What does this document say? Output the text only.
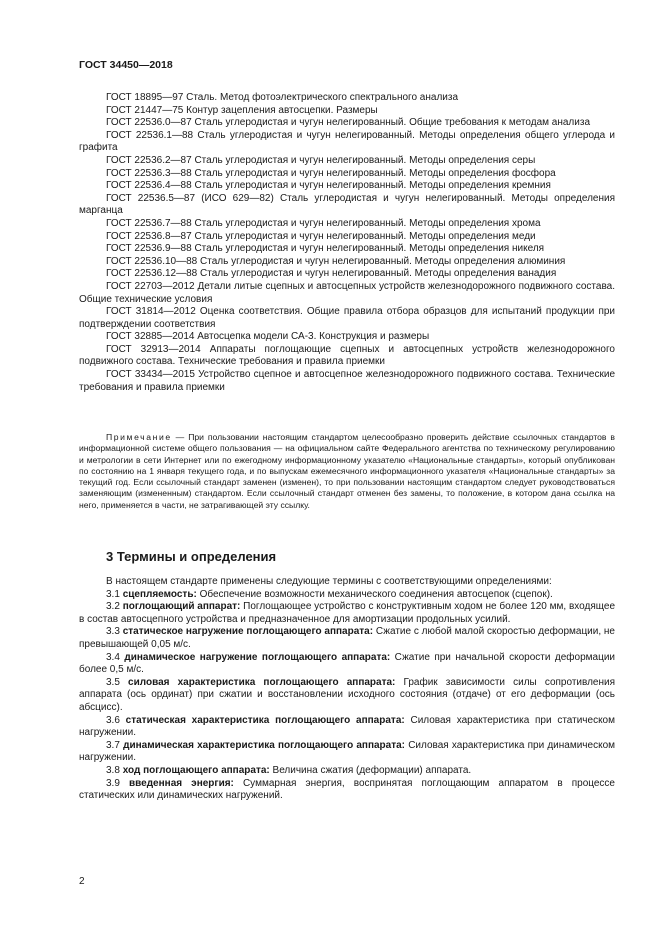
ГОСТ 34450—2018

ГОСТ 18895—97 Сталь. Метод фотоэлектрического спектрального анализа

ГОСТ 21447—75 Контур зацепления автосцепки. Размеры

ГОСТ 22536.0—87 Сталь углеродистая и чугун нелегированный. Общие требования к методам анализа

ГОСТ 22536.1—88 Сталь углеродистая и чугун нелегированный. Методы определения общего углерода и графита

ГОСТ 22536.2—87 Сталь углеродистая и чугун нелегированный. Методы определения серы

ГОСТ 22536.3—88 Сталь углеродистая и чугун нелегированный. Методы определения фосфора

ГОСТ 22536.4—88 Сталь углеродистая и чугун нелегированный. Методы определения кремния

ГОСТ 22536.5—87 (ИСО 629—82) Сталь углеродистая и чугун нелегированный. Методы определения марганца

ГОСТ 22536.7—88 Сталь углеродистая и чугун нелегированный. Методы определения хрома

ГОСТ 22536.8—87 Сталь углеродистая и чугун нелегированный. Методы определения меди

ГОСТ 22536.9—88 Сталь углеродистая и чугун нелегированный. Методы определения никеля

ГОСТ 22536.10—88 Сталь углеродистая и чугун нелегированный. Методы определения алюминия

ГОСТ 22536.12—88 Сталь углеродистая и чугун нелегированный. Методы определения ванадия

ГОСТ 22703—2012 Детали литые сцепных и автосцепных устройств железнодорожного подвижного состава. Общие технические условия

ГОСТ 31814—2012 Оценка соответствия. Общие правила отбора образцов для испытаний продукции при подтверждении соответствия

ГОСТ 32885—2014 Автосцепка модели СА-3. Конструкция и размеры

ГОСТ 32913—2014 Аппараты поглощающие сцепных и автосцепных устройств железнодорожного подвижного состава. Технические требования и правила приемки

ГОСТ 33434—2015 Устройство сцепное и автосцепное железнодорожного подвижного состава. Технические требования и правила приемки

Примечание — При пользовании настоящим стандартом целесообразно проверить действие ссылочных стандартов в информационной системе общего пользования — на официальном сайте Федерального агентства по техническому регулированию и метрологии в сети Интернет или по ежегодному информационному указателю «Национальные стандарты», который опубликован по состоянию на 1 января текущего года, и по выпускам ежемесячного информационного указателя «Национальные стандарты» за текущий год. Если ссылочный стандарт заменен (изменен), то при пользовании настоящим стандартом следует руководствоваться заменяющим (измененным) стандартом. Если ссылочный стандарт отменен без замены, то положение, в котором дана ссылка на него, применяется в части, не затрагивающей эту ссылку.

3 Термины и определения

В настоящем стандарте применены следующие термины с соответствующими определениями:

3.1 сцепляемость: Обеспечение возможности механического соединения автосцепок (сцепок).

3.2 поглощающий аппарат: Поглощающее устройство с конструктивным ходом не более 120 мм, входящее в состав автосцепного устройства и предназначенное для амортизации продольных усилий.

3.3 статическое нагружение поглощающего аппарата: Сжатие с любой малой скоростью деформации, не превышающей 0,05 м/с.

3.4 динамическое нагружение поглощающего аппарата: Сжатие при начальной скорости деформации более 0,5 м/с.

3.5 силовая характеристика поглощающего аппарата: График зависимости силы сопротивления аппарата (ось ординат) при сжатии и восстановлении исходного состояния (отдаче) от его деформации (ось абсцисс).

3.6 статическая характеристика поглощающего аппарата: Силовая характеристика при статическом нагружении.

3.7 динамическая характеристика поглощающего аппарата: Силовая характеристика при динамическом нагружении.

3.8 ход поглощающего аппарата: Величина сжатия (деформации) аппарата.

3.9 введенная энергия: Суммарная энергия, воспринятая поглощающим аппаратом в процессе статических или динамических нагружений.

2
